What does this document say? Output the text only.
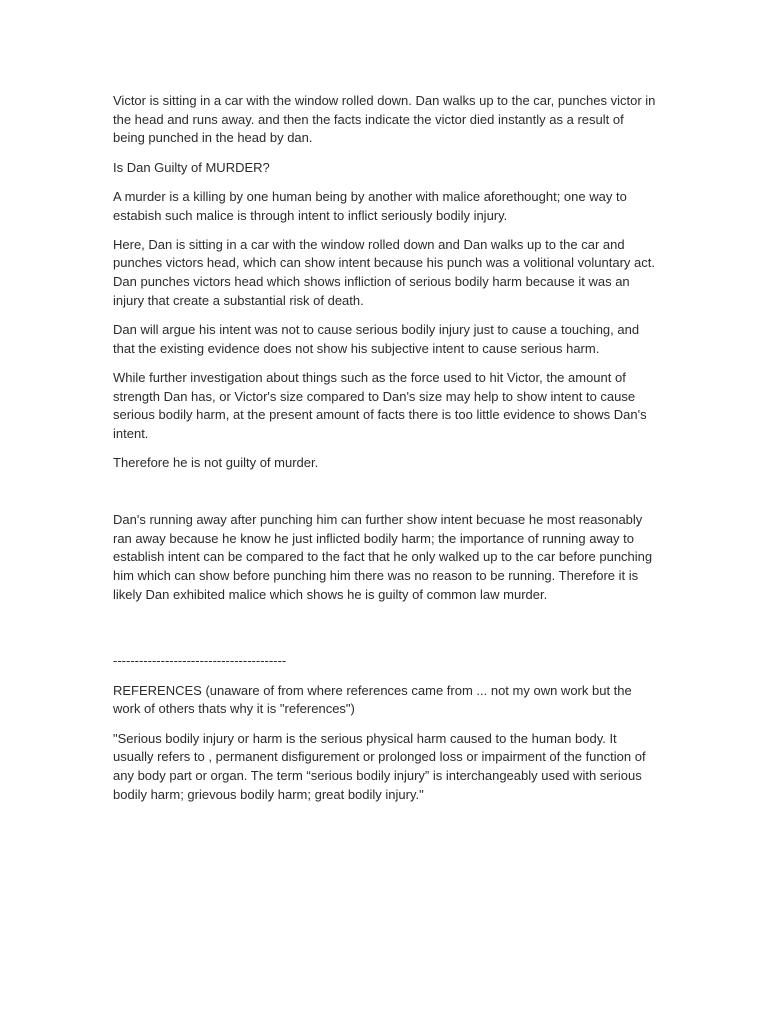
Victor is sitting in a car with the window rolled down. Dan walks up to the car, punches victor in the head and runs away. and then the facts indicate the victor died instantly as a result of being punched in the head by dan.

Is Dan Guilty of MURDER?

A murder is a killing by one human being by another with malice aforethought; one way to estabish such malice is through intent to inflict seriously bodily injury.

Here, Dan is sitting in a car with the window rolled down and Dan walks up to the car and punches victors head, which can show intent because his punch was a volitional voluntary act. Dan punches victors head which shows infliction of serious bodily harm because it was an injury that create a substantial risk of death.

Dan will argue his intent was not to cause serious bodily injury just to cause a touching, and that the existing evidence does not show his subjective intent to cause serious harm.

While further investigation about things such as the force used to hit Victor, the amount of strength Dan has, or Victor's size compared to Dan's size may help to show intent to cause serious bodily harm, at the present amount of facts there is too little evidence to shows Dan's intent.

Therefore he is not guilty of murder.

Dan's running away after punching him can further show intent becuase he most reasonably ran away because he know he just inflicted bodily harm; the importance of running away to establish intent can be compared to the fact that he only walked up to the car before punching him which can show before punching him there was no reason to be running. Therefore it is likely Dan exhibited malice which shows he is guilty of common law murder.

----------------------------------------

REFERENCES (unaware of from where references came from ... not my own work but the work of others thats why it is "references")

"Serious bodily injury or harm is the serious physical harm caused to the human body. It usually refers to , permanent disfigurement or prolonged loss or impairment of the function of any body part or organ. The term “serious bodily injury” is interchangeably used with serious bodily harm; grievous bodily harm; great bodily injury."
